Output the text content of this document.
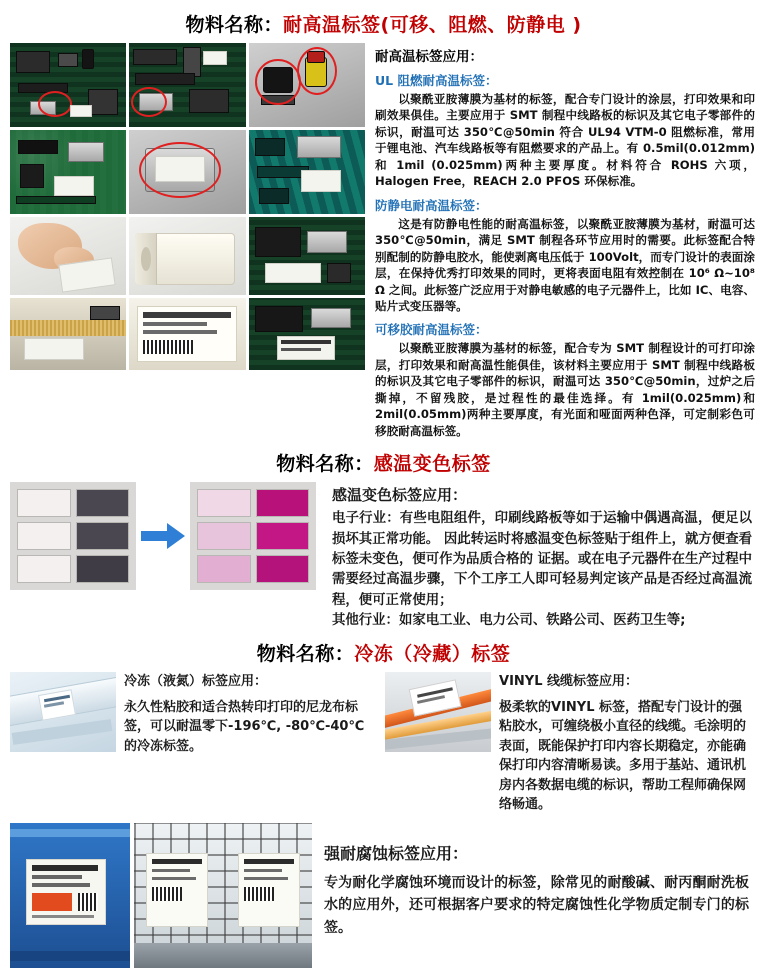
物料名称：耐高温标签(可移、阻燃、防静电 )
耐高温标签应用：
UL 阻燃耐高温标签：
以聚酰亚胺薄膜为基材的标签，配合专门设计的涂层，打印效果和印刷效果俱佳。主要应用于 SMT 制程中线路板的标识及其它电子零部件的标识，耐温可达 350℃@50min 符合 UL94 VTM-0 阻燃标准，常用于锂电池、汽车线路板等有阻燃要求的产品上。有 0.5mil(0.012mm) 和 1mil (0.025mm)两种主要厚度。材料符合 ROHS 六项，Halogen Free，REACH 2.0 PFOS 环保标准。
防静电耐高温标签：
这是有防静电性能的耐高温标签，以聚酰亚胺薄膜为基材，耐温可达350℃@50min，满足 SMT 制程各环节应用时的需要。此标签配合特别配制的防静电胶水，能使剥离电压低于 100Volt，而专门设计的表面涂层，在保持优秀打印效果的同时，更将表面电阻有效控制在 10⁶ Ω~10⁸ Ω 之间。此标签广泛应用于对静电敏感的电子元器件上，比如 IC、电容、贴片式变压器等。
可移胶耐高温标签：
以聚酰亚胺薄膜为基材的标签，配合专为 SMT 制程设计的可打印涂层，打印效果和耐高温性能俱佳，该材料主要应用于 SMT 制程中线路板的标识及其它电子零部件的标识，耐温可达 350℃@50min，过炉之后撕掉，不留残胶，是过程性的最佳选择。有 1mil(0.025mm)和 2mil(0.05mm)两种主要厚度，有光面和哑面两种色泽，可定制彩色可移胶耐高温标签。
物料名称：感温变色标签
感温变色标签应用：
电子行业：有些电阻组件，印刷线路板等如于运输中偶遇高温，便足以损坏其正常功能。 因此转运时将感温变色标签贴于组件上，就方便查看标签未变色，便可作为品质合格的 证据。或在电子元器件在生产过程中需要经过高温步骤，下个工序工人即可轻易判定该产品是否经过高温流程，便可正常使用；
其他行业：如家电工业、电力公司、铁路公司、医药卫生等;
物料名称：冷冻（冷藏）标签
冷冻（液氮）标签应用：
永久性粘胶和适合热转印打印的尼龙布标签，可以耐温零下-196℃, -80℃-40℃的冷冻标签。
VINYL 线缆标签应用：
极柔软的VINYL 标签，搭配专门设计的强粘胶水，可缠绕极小直径的线缆。毛涂明的表面，既能保护打印内容长期稳定，亦能确保打印内容清晰易读。多用于基站、通讯机房内各数据电缆的标识，帮助工程师确保网络畅通。
强耐腐蚀标签应用：
专为耐化学腐蚀环境而设计的标签，除常见的耐酸碱、耐丙酮耐洗板水的应用外，还可根据客户要求的特定腐蚀性化学物质定制专门的标签。
